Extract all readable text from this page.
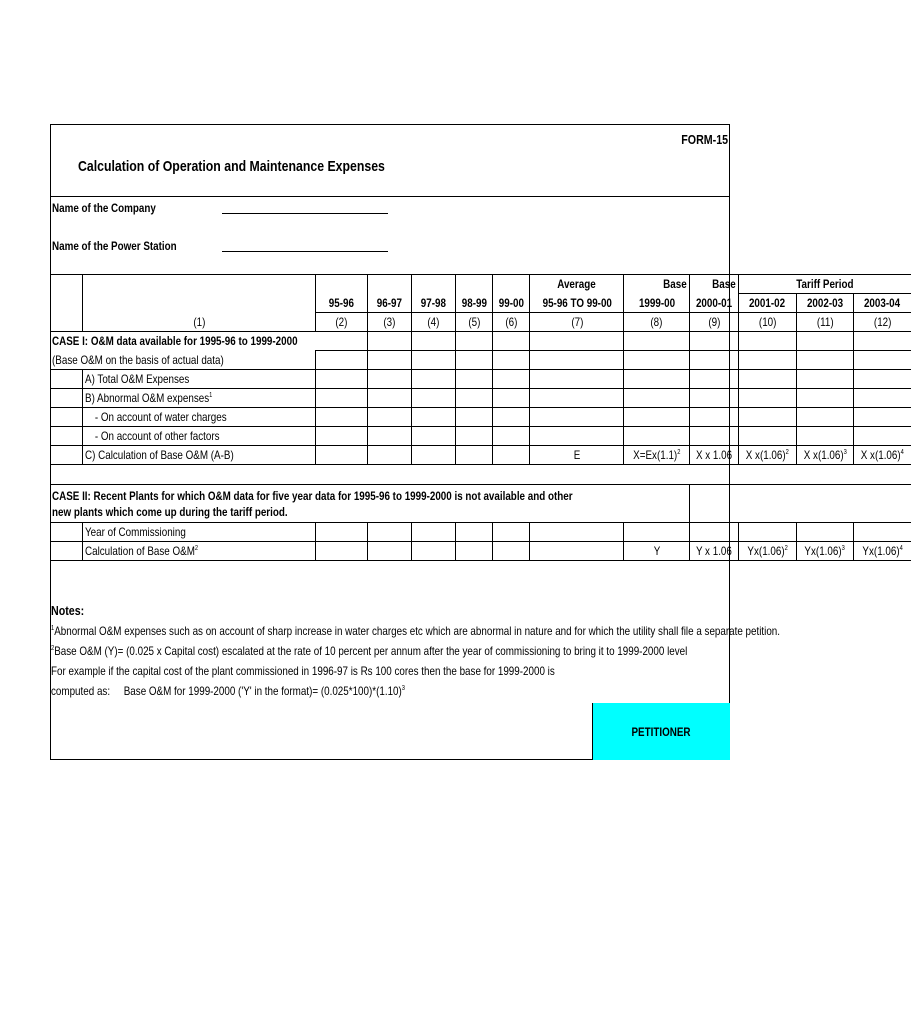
FORM-15
Calculation of Operation and Maintenance Expenses
Name of the Company
Name of the Power Station
							Average	Base	Base	Tariff Period		
		95-96	96-97	97-98	98-99	99-00	95-96 TO 99-00	1999-00	2000-01	2001-02	2002-03	2003-04
	(1)	(2)	(3)	(4)	(5)	(6)	(7)	(8)	(9)	(10)	(11)	(12)
CASE I: O&M data available for 1995-96 to 1999-2000												
(Base O&M on the basis of actual data)												
	A) Total O&M Expenses											
	B) Abnormal O&M expenses$^1$											
	- On account of water charges											
	- On account of other factors											
	C) Calculation of Base O&M (A-B)						E	$X=Ex(1.1)^2$	X x 1.06	X $x(1.06)^2$	X $x(1.06)^3$	X $x(1.06)^4$

CASE II: Recent Plants for which O&M data for five year data for 1995-96 to 1999-2000 is not available and other
new plants which come up during the tariff period.												

	Year of Commissioning											
	Calculation of Base $O\&M^2$							Y	Y x 1.06	$Yx(1.06)^2$	$Yx(1.06)^3$	$Yx(1.06)^4$
Notes:
$^1$Abnormal O&M expenses such as on account of sharp increase in water charges etc which are abnormal in nature and for which the utility shall file a separate petition.
$^2$Base O&M (Y)= (0.025 x Capital cost) escalated at the rate of 10 percent per annum after the year of commissioning to bring it to 1999-2000 level
For example if the capital cost of the plant commissioned in 1996-97 is Rs 100 cores then the base for 1999-2000 is
computed as:     Base O&M for 1999-2000 ('Y' in the format)= $(0.025*100)*(1.10)^3$
PETITIONER
